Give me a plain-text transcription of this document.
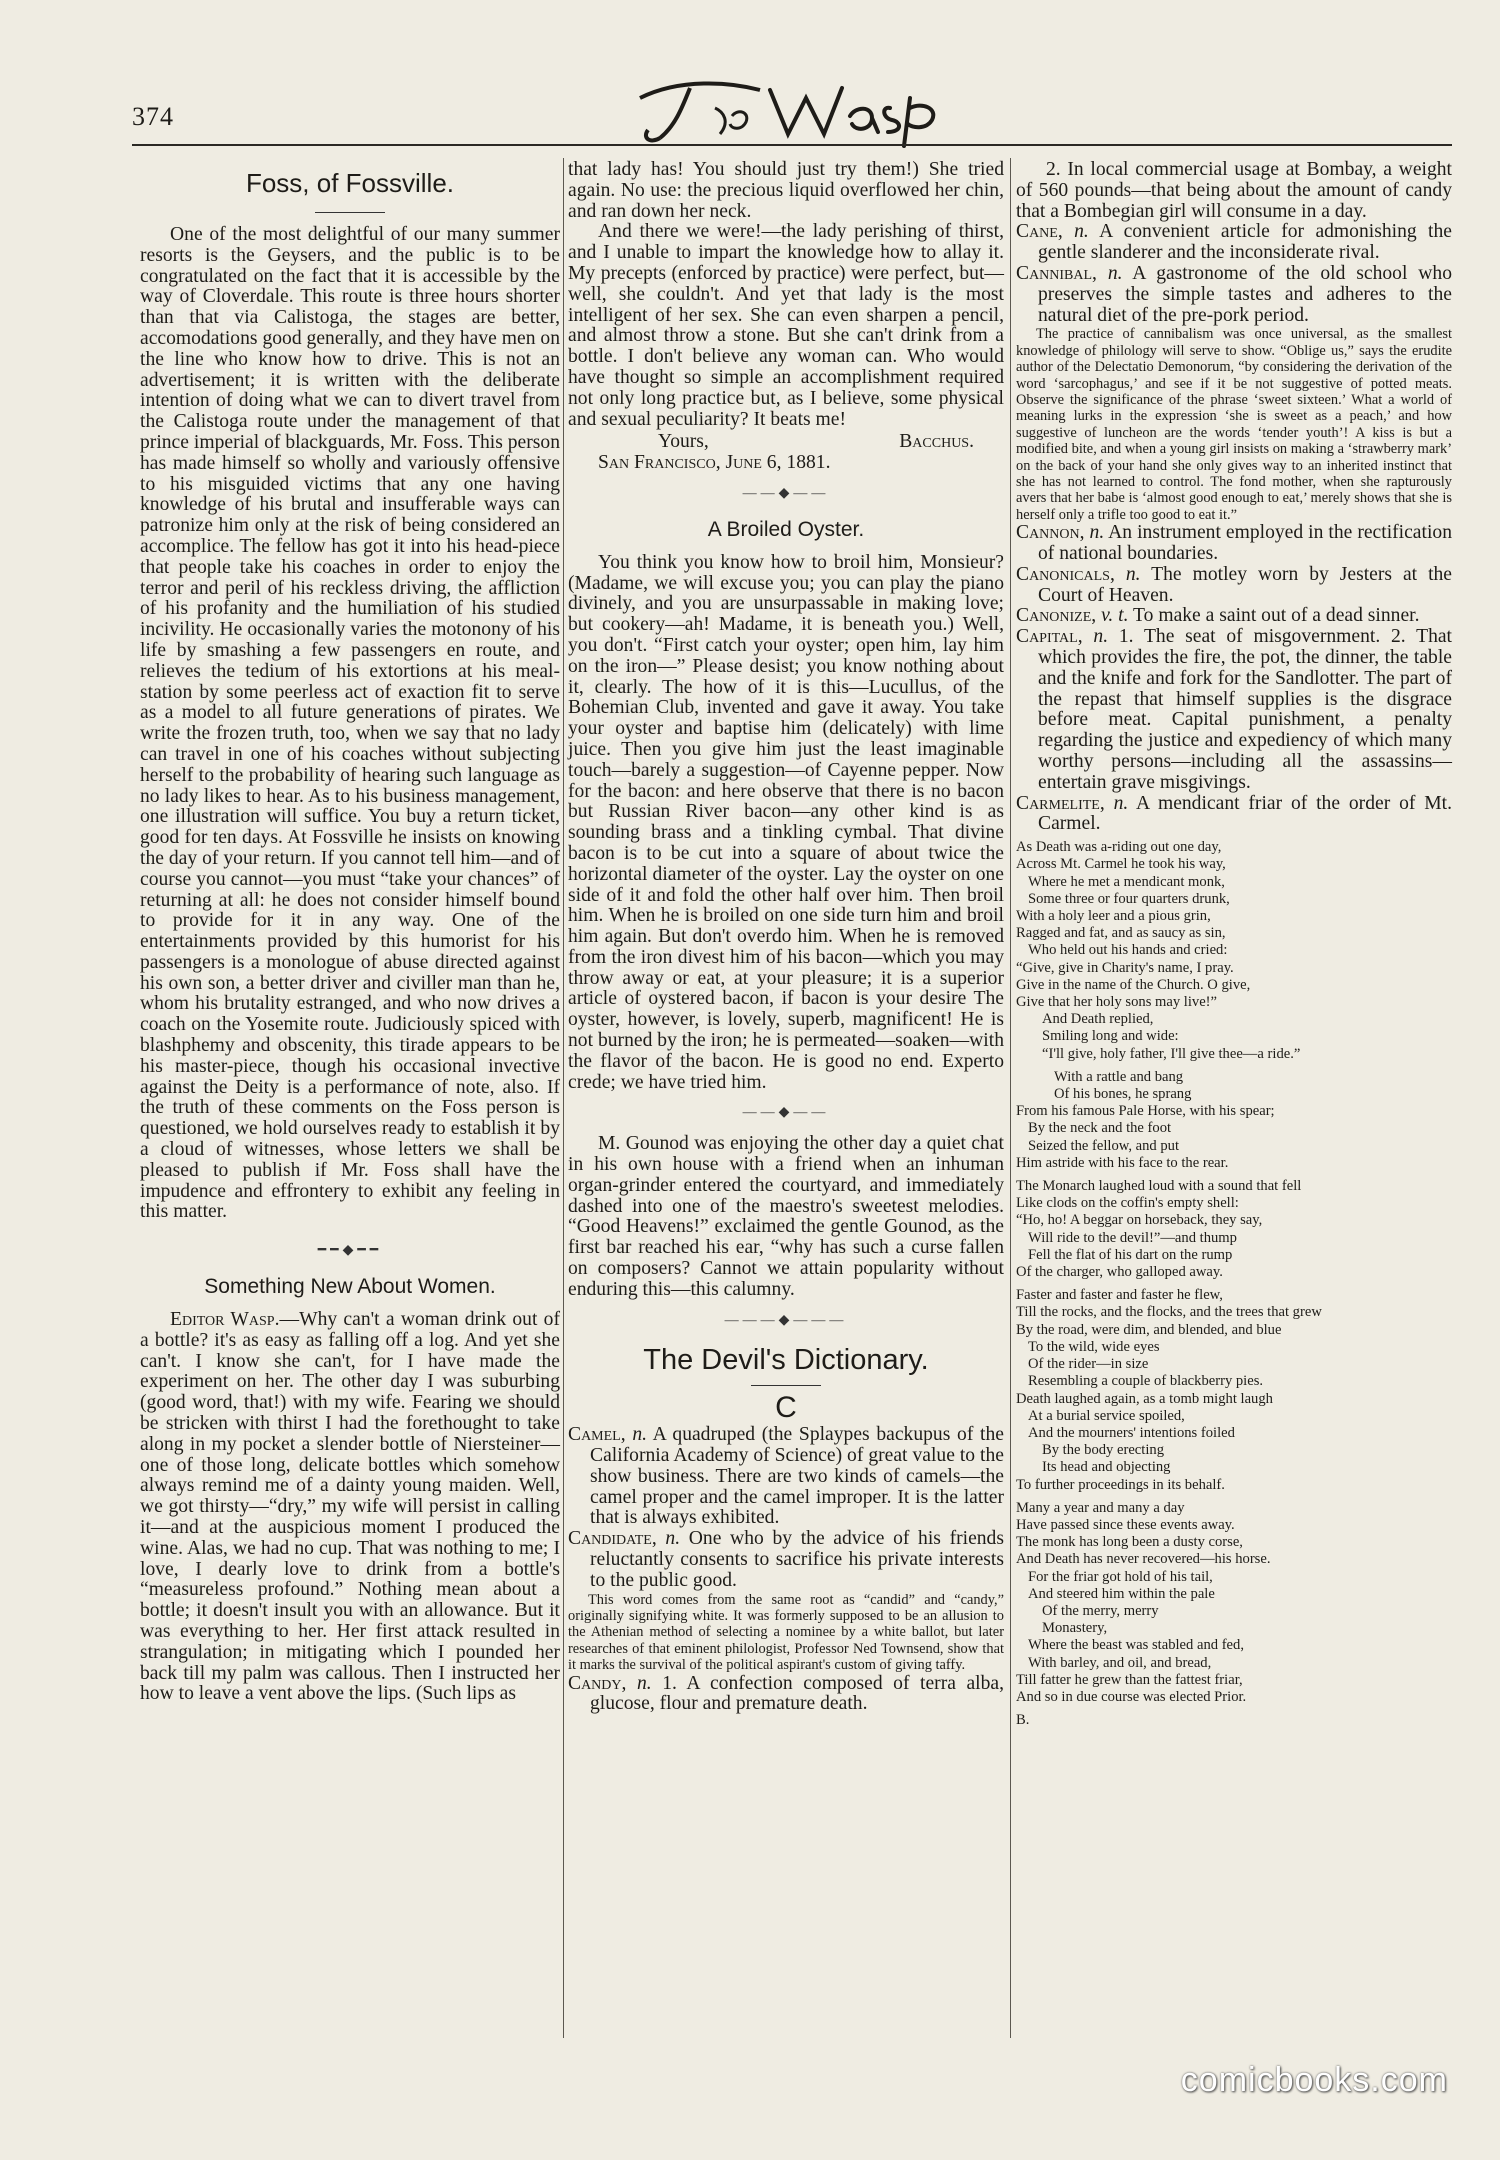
374
The Wasp
Foss, of Fossville.

One of the most delightful of our many summer resorts is the Geysers, and the public is to be congratulated on the fact that it is accessible by the way of Cloverdale. This route is three hours shorter than that via Calistoga, the stages are better, accomodations good generally, and they have men on the line who know how to drive. This is not an advertisement; it is written with the deliberate intention of doing what we can to divert travel from the Calistoga route under the management of that prince imperial of blackguards, Mr. Foss. This person has made himself so wholly and variously offensive to his misguided victims that any one having knowledge of his brutal and insufferable ways can patronize him only at the risk of being considered an accomplice. The fellow has got it into his head-piece that people take his coaches in order to enjoy the terror and peril of his reckless driving, the affliction of his profanity and the humiliation of his studied incivility. He occasionally varies the motonony of his life by smashing a few passengers en route, and relieves the tedium of his extortions at his meal-station by some peerless act of exaction fit to serve as a model to all future generations of pirates. We write the frozen truth, too, when we say that no lady can travel in one of his coaches without subjecting herself to the probability of hearing such language as no lady likes to hear. As to his business management, one illustration will suffice. You buy a return ticket, good for ten days. At Fossville he insists on knowing the day of your return. If you cannot tell him—and of course you cannot—you must “take your chances” of returning at all: he does not consider himself bound to provide for it in any way. One of the entertainments provided by this humorist for his passengers is a monologue of abuse directed against his own son, a better driver and civiller man than he, whom his brutality estranged, and who now drives a coach on the Yosemite route. Judiciously spiced with blashphemy and obscenity, this tirade appears to be his master-piece, though his occasional invective against the Deity is a performance of note, also. If the truth of these comments on the Foss person is questioned, we hold ourselves ready to establish it by a cloud of witnesses, whose letters we shall be pleased to publish if Mr. Foss shall have the impudence and effrontery to exhibit any feeling in this matter.

━━◆━━
Something New About Women.

Editor Wasp.—Why can't a woman drink out of a bottle? it's as easy as falling off a log. And yet she can't. I know she can't, for I have made the experiment on her. The other day I was suburbing (good word, that!) with my wife. Fearing we should be stricken with thirst I had the forethought to take along in my pocket a slender bottle of Niersteiner—one of those long, delicate bottles which somehow always remind me of a dainty young maiden. Well, we got thirsty—“dry,” my wife will persist in calling it—and at the auspicious moment I produced the wine. Alas, we had no cup. That was nothing to me; I love, I dearly love to drink from a bottle's “measureless profound.” Nothing mean about a bottle; it doesn't insult you with an allowance. But it was everything to her. Her first attack resulted in strangulation; in mitigating which I pounded her back till my palm was callous. Then I instructed her how to leave a vent above the lips. (Such lips as

that lady has! You should just try them!) She tried again. No use: the precious liquid overflowed her chin, and ran down her neck.

And there we were!—the lady perishing of thirst, and I unable to impart the knowledge how to allay it. My precepts (enforced by practice) were perfect, but—well, she couldn't. And yet that lady is the most intelligent of her sex. She can even sharpen a pencil, and almost throw a stone. But she can't drink from a bottle. I don't believe any woman can. Who would have thought so simple an accomplishment required not only long practice but, as I believe, some physical and sexual peculiarity? It beats me!

Yours,	Bacchus.

San Francisco, June 6, 1881.

——◆——
A Broiled Oyster.

You think you know how to broil him, Monsieur? (Madame, we will excuse you; you can play the piano divinely, and you are unsurpassable in making love; but cookery—ah! Madame, it is beneath you.) Well, you don't. “First catch your oyster; open him, lay him on the iron—” Please desist; you know nothing about it, clearly. The how of it is this—Lucullus, of the Bohemian Club, invented and gave it away. You take your oyster and baptise him (delicately) with lime juice. Then you give him just the least imaginable touch—barely a suggestion—of Cayenne pepper. Now for the bacon: and here observe that there is no bacon but Russian River bacon—any other kind is as sounding brass and a tinkling cymbal. That divine bacon is to be cut into a square of about twice the horizontal diameter of the oyster. Lay the oyster on one side of it and fold the other half over him. Then broil him. When he is broiled on one side turn him and broil him again. But don't overdo him. When he is removed from the iron divest him of his bacon—which you may throw away or eat, at your pleasure; it is a superior article of oystered bacon, if bacon is your desire The oyster, however, is lovely, superb, magnificent! He is not burned by the iron; he is permeated—soaken—with the flavor of the bacon. He is good no end. Experto crede; we have tried him.

——◆——

M. Gounod was enjoying the other day a quiet chat in his own house with a friend when an inhuman organ-grinder entered the courtyard, and immediately dashed into one of the maestro's sweetest melodies. “Good Heavens!” exclaimed the gentle Gounod, as the first bar reached his ear, “why has such a curse fallen on composers? Cannot we attain popularity without enduring this—this calumny.

———◆———
The Devil's Dictionary.
C

Camel, n. A quadruped (the Splaypes backupus of the California Academy of Science) of great value to the show business. There are two kinds of camels—the camel proper and the camel improper. It is the latter that is always exhibited.

Candidate, n. One who by the advice of his friends reluctantly consents to sacrifice his private interests to the public good.

This word comes from the same root as “candid” and “candy,” originally signifying white. It was formerly supposed to be an allusion to the Athenian method of selecting a nominee by a white ballot, but later researches of that eminent philologist, Professor Ned Townsend, show that it marks the survival of the political aspirant's custom of giving taffy.

Candy, n. 1. A confection composed of terra alba, glucose, flour and premature death.

2. In local commercial usage at Bombay, a weight of 560 pounds—that being about the amount of candy that a Bombegian girl will consume in a day.

Cane, n. A convenient article for admonishing the gentle slanderer and the inconsiderate rival.

Cannibal, n. A gastronome of the old school who preserves the simple tastes and adheres to the natural diet of the pre-pork period.

The practice of cannibalism was once universal, as the smallest knowledge of philology will serve to show. “Oblige us,” says the erudite author of the Delectatio Demonorum, “by considering the derivation of the word ‘sarcophagus,’ and see if it be not suggestive of potted meats. Observe the significance of the phrase ‘sweet sixteen.’ What a world of meaning lurks in the expression ‘she is sweet as a peach,’ and how suggestive of luncheon are the words ‘tender youth’! A kiss is but a modified bite, and when a young girl insists on making a ‘strawberry mark’ on the back of your hand she only gives way to an inherited instinct that she has not learned to control. The fond mother, when she rapturously avers that her babe is ‘almost good enough to eat,’ merely shows that she is herself only a trifle too good to eat it.”

Cannon, n. An instrument employed in the rectification of national boundaries.

Canonicals, n. The motley worn by Jesters at the Court of Heaven.

Canonize, v. t. To make a saint out of a dead sinner.

Capital, n. 1. The seat of misgovernment. 2. That which provides the fire, the pot, the dinner, the table and the knife and fork for the Sandlotter. The part of the repast that himself supplies is the disgrace before meat. Capital punishment, a penalty regarding the justice and expediency of which many worthy persons—including all the assassins—entertain grave misgivings.

Carmelite, n. A mendicant friar of the order of Mt. Carmel.

As Death was a-riding out one day,
Across Mt. Carmel he took his way,
Where he met a mendicant monk,
Some three or four quarters drunk,
With a holy leer and a pious grin,
Ragged and fat, and as saucy as sin,
Who held out his hands and cried:
“Give, give in Charity's name, I pray.
Give in the name of the Church. O give,
Give that her holy sons may live!”
And Death replied,
Smiling long and wide:
“I'll give, holy father, I'll give thee—a ride.”
With a rattle and bang
Of his bones, he sprang
From his famous Pale Horse, with his spear;
By the neck and the foot
Seized the fellow, and put
Him astride with his face to the rear.
The Monarch laughed loud with a sound that fell
Like clods on the coffin's empty shell:
“Ho, ho! A beggar on horseback, they say,
Will ride to the devil!”—and thump
Fell the flat of his dart on the rump
Of the charger, who galloped away.
Faster and faster and faster he flew,
Till the rocks, and the flocks, and the trees that grew
By the road, were dim, and blended, and blue
To the wild, wide eyes
Of the rider—in size
Resembling a couple of blackberry pies.
Death laughed again, as a tomb might laugh
At a burial service spoiled,
And the mourners' intentions foiled
By the body erecting
Its head and objecting
To further proceedings in its behalf.
Many a year and many a day
Have passed since these events away.
The monk has long been a dusty corse,
And Death has never recovered—his horse.
For the friar got hold of his tail,
And steered him within the pale
Of the merry, merry
Monastery,
Where the beast was stabled and fed,
With barley, and oil, and bread,
Till fatter he grew than the fattest friar,
And so in due course was elected Prior.
B.
comicbooks.com
